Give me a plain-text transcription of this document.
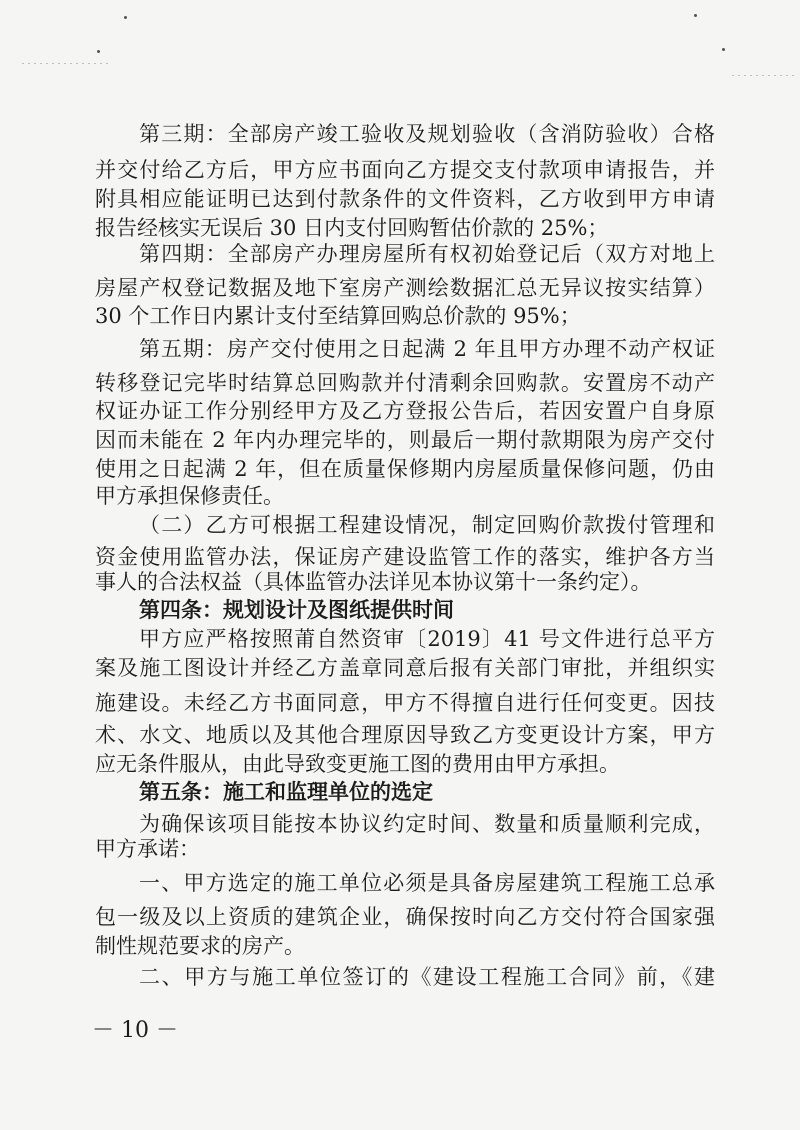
第三期：全部房产竣工验收及规划验收（含消防验收）合格
并交付给乙方后，甲方应书面向乙方提交支付款项申请报告，并
附具相应能证明已达到付款条件的文件资料，乙方收到甲方申请
报告经核实无误后 30 日内支付回购暂估价款的 25%；
第四期：全部房产办理房屋所有权初始登记后（双方对地上
房屋产权登记数据及地下室房产测绘数据汇总无异议按实结算）
30 个工作日内累计支付至结算回购总价款的 95%；
第五期：房产交付使用之日起满 2 年且甲方办理不动产权证
转移登记完毕时结算总回购款并付清剩余回购款。安置房不动产
权证办证工作分别经甲方及乙方登报公告后，若因安置户自身原
因而未能在 2 年内办理完毕的，则最后一期付款期限为房产交付
使用之日起满 2 年，但在质量保修期内房屋质量保修问题，仍由
甲方承担保修责任。
（二）乙方可根据工程建设情况，制定回购价款拨付管理和
资金使用监管办法，保证房产建设监管工作的落实，维护各方当
事人的合法权益（具体监管办法详见本协议第十一条约定）。
第四条：规划设计及图纸提供时间
甲方应严格按照莆自然资审〔2019〕41 号文件进行总平方
案及施工图设计并经乙方盖章同意后报有关部门审批，并组织实
施建设。未经乙方书面同意，甲方不得擅自进行任何变更。因技
术、水文、地质以及其他合理原因导致乙方变更设计方案，甲方
应无条件服从，由此导致变更施工图的费用由甲方承担。
第五条：施工和监理单位的选定
为确保该项目能按本协议约定时间、数量和质量顺利完成，
甲方承诺：
一、甲方选定的施工单位必须是具备房屋建筑工程施工总承
包一级及以上资质的建筑企业，确保按时向乙方交付符合国家强
制性规范要求的房产。
二、甲方与施工单位签订的《建设工程施工合同》前，《建
－ 10 －
